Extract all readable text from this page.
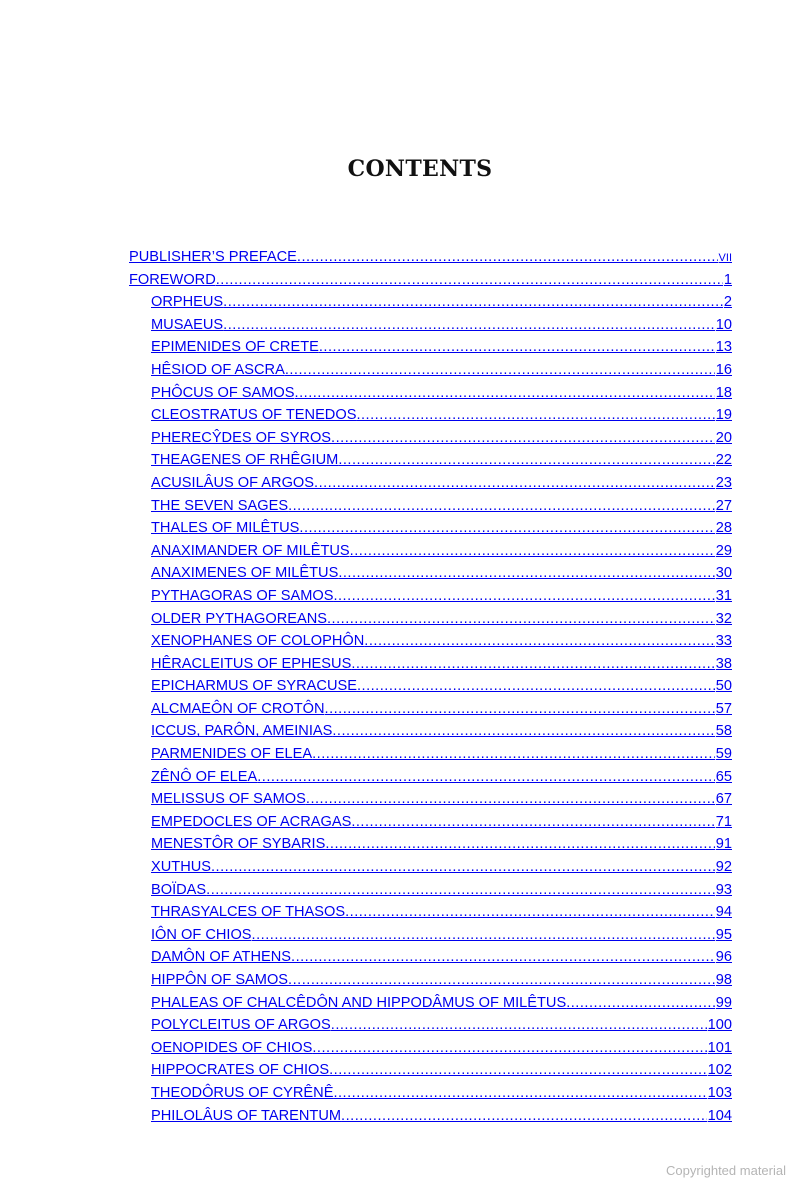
CONTENTS
PUBLISHER’S PREFACE .....	VII
FOREWORD .....	1
ORPHEUS .....	2
MUSAEUS .....	10
EPIMENIDES OF CRETE .....	13
HÊSIOD OF ASCRA .....	16
PHÔCUS OF SAMOS .....	18
CLEOSTRATUS OF TENEDOS .....	19
PHERECŶDES OF SYROS .....	20
THEAGENES OF RHÊGIUM .....	22
ACUSILÂUS OF ARGOS .....	23
THE SEVEN SAGES .....	27
THALES OF MILÊTUS .....	28
ANAXIMANDER OF MILÊTUS .....	29
ANAXIMENES OF MILÊTUS .....	30
PYTHAGORAS OF SAMOS .....	31
OLDER PYTHAGOREANS .....	32
XENOPHANES OF COLOPHÔN .....	33
HÊRACLEITUS OF EPHESUS .....	38
EPICHARMUS OF SYRACUSE .....	50
ALCMAEÔN OF CROTÔN .....	57
ICCUS, PARÔN, AMEINIAS .....	58
PARMENIDES OF ELEA .....	59
ZÊNÔ OF ELEA .....	65
MELISSUS OF SAMOS .....	67
EMPEDOCLES OF ACRAGAS .....	71
MENESTÔR OF SYBARIS .....	91
XUTHUS .....	92
BOÏDAS .....	93
THRASYALCES OF THASOS .....	94
IÔN OF CHIOS .....	95
DAMÔN OF ATHENS .....	96
HIPPÔN OF SAMOS .....	98
PHALEAS OF CHALCÊDÔN AND HIPPODÂMUS OF MILÊTUS .....	99
POLYCLEITUS OF ARGOS .....	100
OENOPIDES OF CHIOS .....	101
HIPPOCRATES OF CHIOS .....	102
THEODÔRUS OF CYRÊNÊ .....	103
PHILOLÂUS OF TARENTUM .....	104
Copyrighted material
